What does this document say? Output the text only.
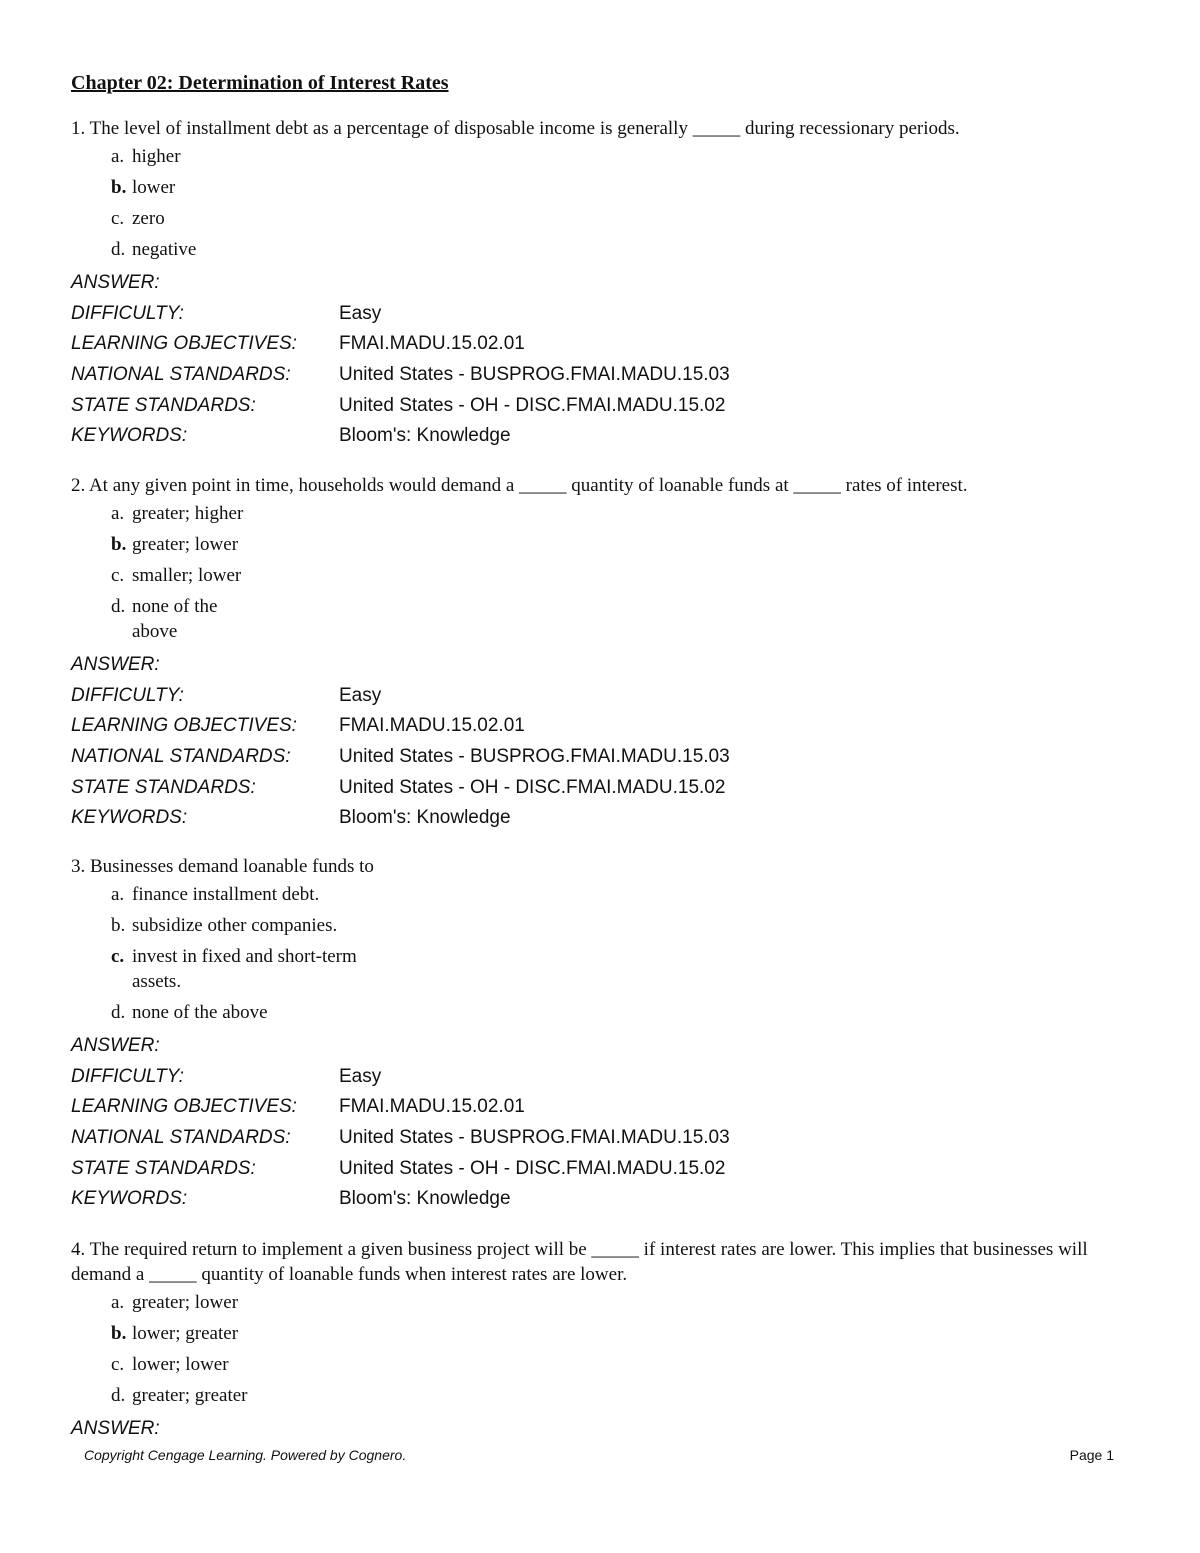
Chapter 02: Determination of Interest Rates

1. The level of installment debt as a percentage of disposable income is generally _____ during recessionary periods.

a. higher
b. lower
c. zero
d. negative
ANSWER:
DIFFICULTY:	Easy
LEARNING OBJECTIVES:	FMAI.MADU.15.02.01
NATIONAL STANDARDS:	United States - BUSPROG.FMAI.MADU.15.03
STATE STANDARDS:	United States - OH - DISC.FMAI.MADU.15.02
KEYWORDS:	Bloom's: Knowledge

2. At any given point in time, households would demand a _____ quantity of loanable funds at _____ rates of interest.

a. greater; higher
b. greater; lower
c. smaller; lower
d. none of the above
ANSWER:
DIFFICULTY:	Easy
LEARNING OBJECTIVES:	FMAI.MADU.15.02.01
NATIONAL STANDARDS:	United States - BUSPROG.FMAI.MADU.15.03
STATE STANDARDS:	United States - OH - DISC.FMAI.MADU.15.02
KEYWORDS:	Bloom's: Knowledge

3. Businesses demand loanable funds to

a. finance installment debt.
b. subsidize other companies.
c. invest in fixed and short-term assets.
d. none of the above
ANSWER:
DIFFICULTY:	Easy
LEARNING OBJECTIVES:	FMAI.MADU.15.02.01
NATIONAL STANDARDS:	United States - BUSPROG.FMAI.MADU.15.03
STATE STANDARDS:	United States - OH - DISC.FMAI.MADU.15.02
KEYWORDS:	Bloom's: Knowledge

4. The required return to implement a given business project will be _____ if interest rates are lower. This implies that businesses will demand a _____ quantity of loanable funds when interest rates are lower.

a. greater; lower
b. lower; greater
c. lower; lower
d. greater; greater
ANSWER:
Copyright Cengage Learning. Powered by Cognero.	Page 1
